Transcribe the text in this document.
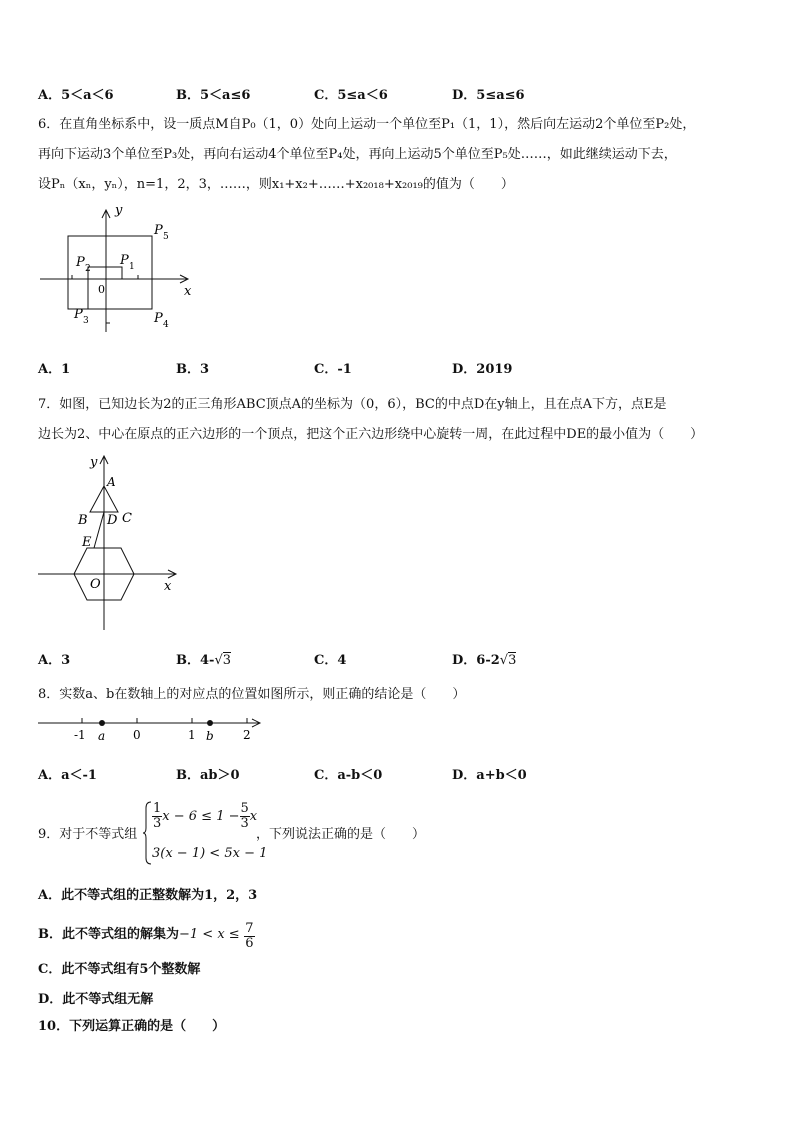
A．5＜a＜6	B．5＜a≤6	C．5≤a＜6	D．5≤a≤6
6．在直角坐标系中，设一质点M自P₀（1，0）处向上运动一个单位至P₁（1，1），然后向左运动2个单位至P₂处，
再向下运动3个单位至P₃处，再向右运动4个单位至P₄处，再向上运动5个单位至P₅处……，如此继续运动下去，
设Pₙ（xₙ，yₙ），n=1，2，3，……，则x₁+x₂+……+x₂₀₁₈+x₂₀₁₉的值为（　　）
y
x
0
P 5
P 2
P 1
P 3	P 4
A．1	B．3	C．-1	D．2019
7．如图，已知边长为2的正三角形ABC顶点A的坐标为（0，6），BC的中点D在y轴上，且在点A下方，点E是
边长为2、中心在原点的正六边形的一个顶点，把这个正六边形绕中心旋转一周，在此过程中DE的最小值为（　　）
y
x
A
B D C
E
O
A．3	B．4-√3	C．4	D．6-2√3
8．实数a、b在数轴上的对应点的位置如图所示，则正确的结论是（　　）
-1	0	1	2
a	b
A．a＜-1	B．ab＞0	C．a-b＜0	D．a+b＜0
9．对于不等式组
$\frac{1}{3}$ $x - 6 \le 1 - \frac{5}{3}$ x
3(x − 1) < 5x − 1
，下列说法正确的是（　　）
A．此不等式组的正整数解为1，2，3
B．此不等式组的解集为$-1 < x \le \frac{7}{6}$
C．此不等式组有5个整数解
D．此不等式组无解
10．下列运算正确的是（　　）
